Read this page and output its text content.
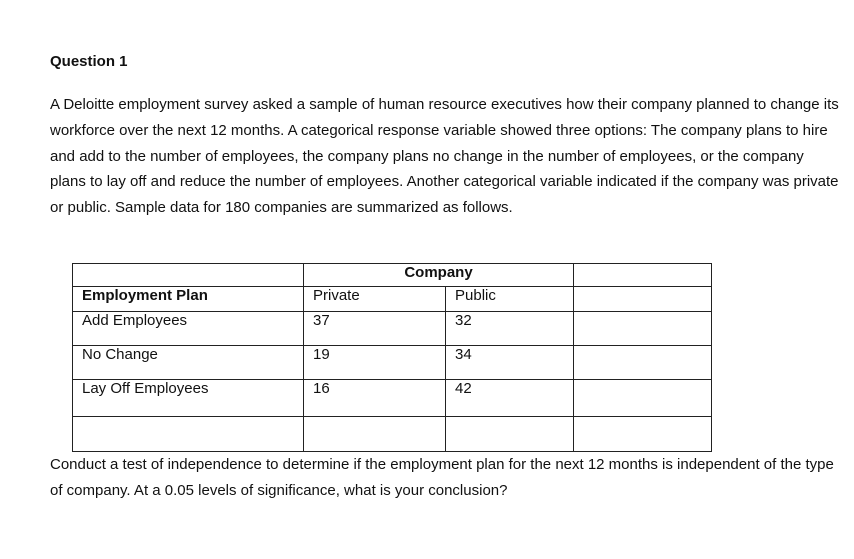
Question 1
A Deloitte employment survey asked a sample of human resource executives how their company planned to change its workforce over the next 12 months. A categorical response variable showed three options: The company plans to hire and add to the number of employees, the company plans no change in the number of employees, or the company plans to lay off and reduce the number of employees. Another categorical variable indicated if the company was private or public. Sample data for 180 companies are summarized as follows.
	Company		
Employment Plan	Private	Public	
Add Employees	37	32	
No Change	19	34	
Lay Off Employees	16	42	

Conduct a test of independence to determine if the employment plan for the next 12 months is independent of the type of company. At a 0.05 levels of significance, what is your conclusion?
